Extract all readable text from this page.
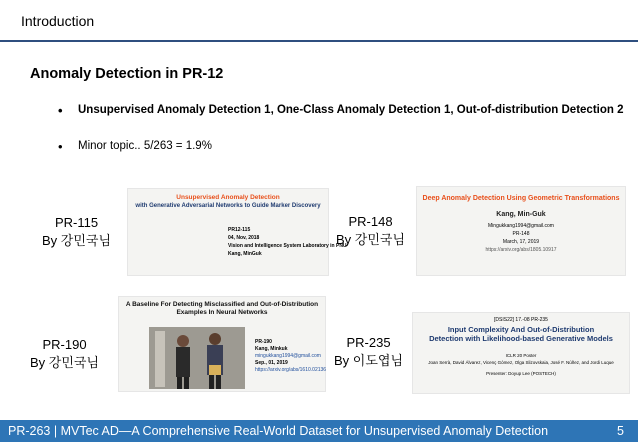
Introduction
Anomaly Detection in PR-12
• Unsupervised Anomaly Detection 1, One-Class Anomaly Detection 1, Out-of-distribution Detection 2
• Minor topic.. 5/263 = 1.9%
PR-115
By 강민국님
Unsupervised Anomaly Detection
with Generative Adversarial Networks to Guide Marker Discovery
PR12-115
04, Nov, 2018
Vision and Intelligence System Laboratory in PNU
Kang, MinGuk
PR-148
By 강민국님
Deep Anomaly Detection Using Geometric Transformations
Kang, Min-Guk
Mingukkang1994@gmail.com
PR-148
March, 17, 2019
https://arxiv.org/abs/1805.10917
PR-190
By 강민국님
A Baseline For Detecting Misclassified and Out-of-Distribution
Examples In Neural Networks
PR-190
Kang, Minkuk
mingukkang1994@gmail.com
Sep., 01, 2019
https://arxiv.org/abs/1610.02136
PR-235
By 이도엽님
[DSIS22] 17.-08 PR-235
Input Complexity And Out-of-Distribution
Detection with Likelihood-based Generative Models
ICLR 20 Poster
Joan Serrà, David Álvarez, Vicenç Gómez, Olga Slizovskaia, José F. Núñez, and Jordi Luque
Presenter: Doyup Lee (POSTECH)
PR-263 | MVTec AD—A Comprehensive Real-World Dataset for Unsupervised Anomaly Detection	5
